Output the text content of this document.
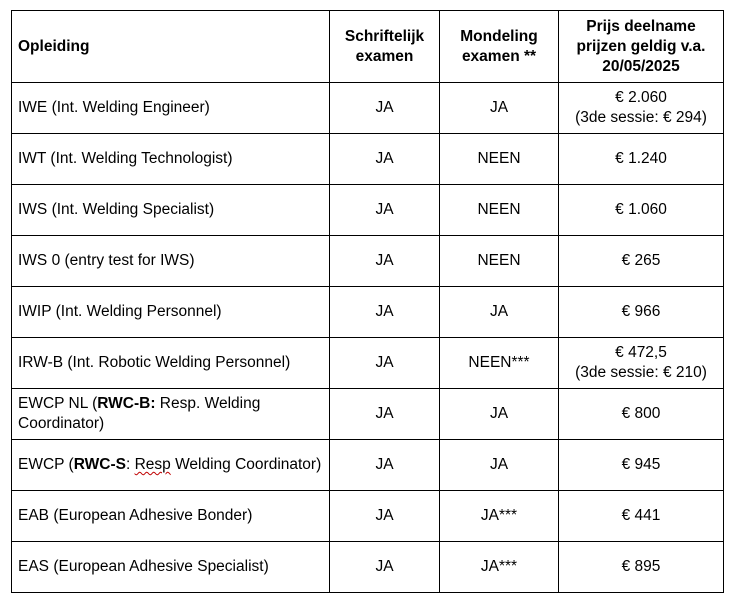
Opleiding	Schriftelijk examen	Mondeling examen **	Prijs deelname prijzen geldig v.a. 20/05/2025
IWE (Int. Welding Engineer)	JA	JA	€ 2.060
(3de sessie: € 294)
IWT (Int. Welding Technologist)	JA	NEEN	€ 1.240
IWS (Int. Welding Specialist)	JA	NEEN	€ 1.060
IWS 0 (entry test for IWS)	JA	NEEN	€ 265
IWIP (Int. Welding Personnel)	JA	JA	€ 966
IRW-B (Int. Robotic Welding Personnel)	JA	NEEN***	€ 472,5
(3de sessie: € 210)
EWCP NL (RWC-B: Resp. Welding Coordinator)	JA	JA	€ 800
EWCP (RWC-S: Resp Welding Coordinator)	JA	JA	€ 945
EAB (European Adhesive Bonder)	JA	JA***	€ 441
EAS (European Adhesive Specialist)	JA	JA***	€ 895
